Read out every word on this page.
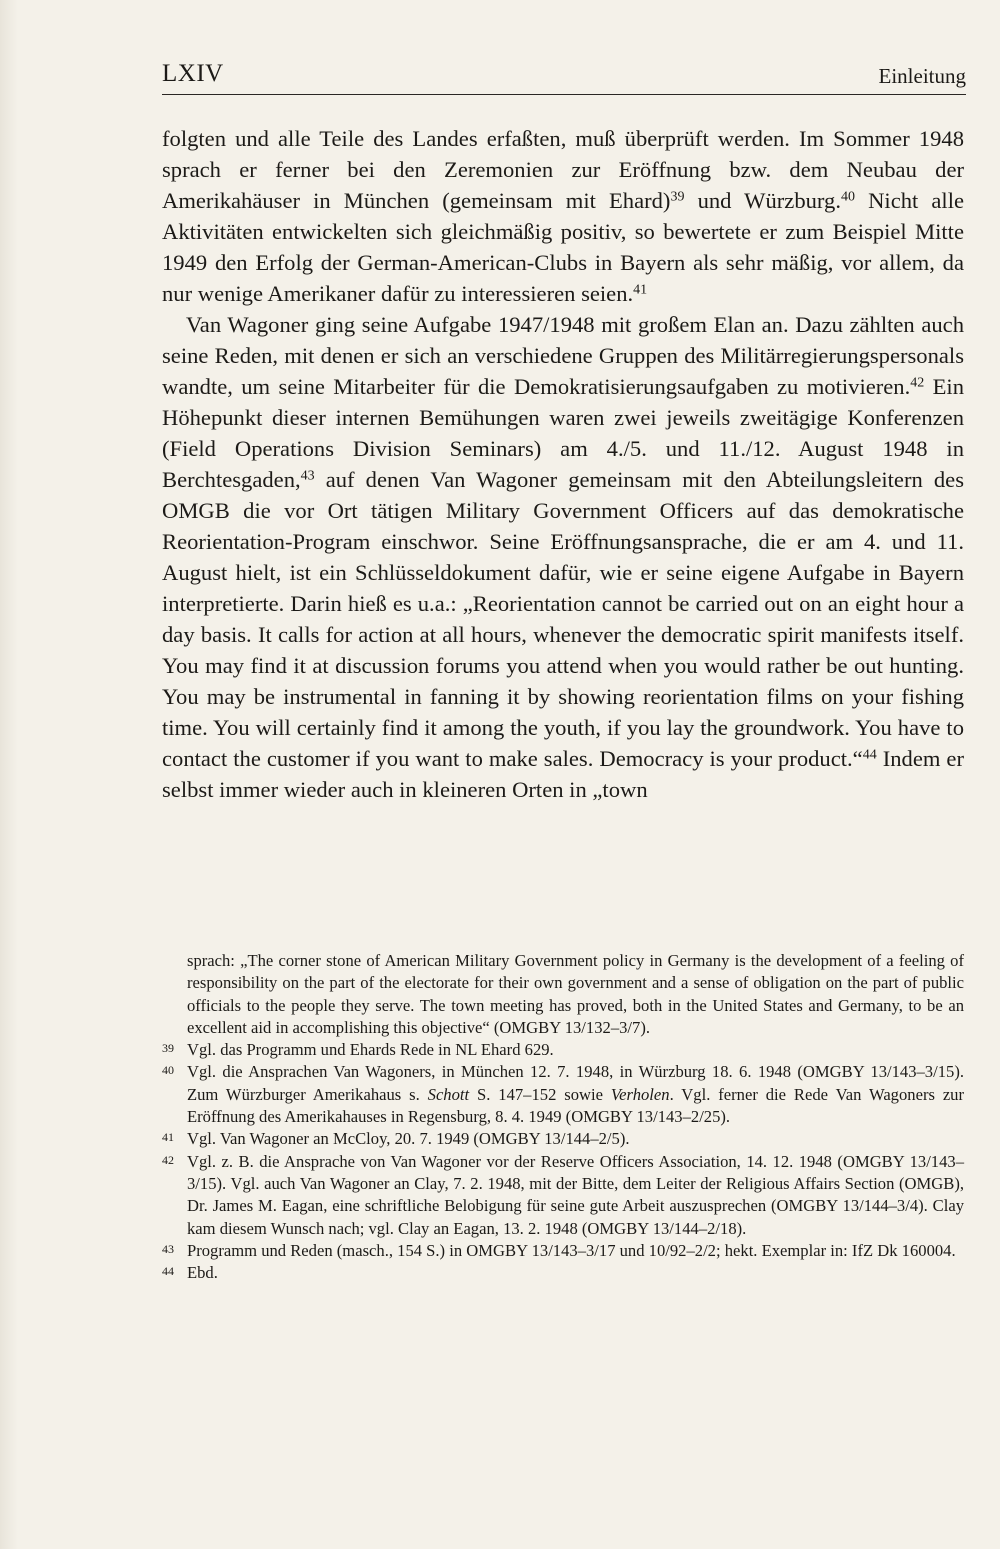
LXIV	Einleitung

folgten und alle Teile des Landes erfaßten, muß überprüft werden. Im Sommer 1948 sprach er ferner bei den Zeremonien zur Eröffnung bzw. dem Neubau der Amerikahäuser in München (gemeinsam mit Ehard)$^{39}$ und Würzburg.$^{40}$ Nicht alle Aktivitäten entwickelten sich gleichmäßig positiv, so bewertete er zum Beispiel Mitte 1949 den Erfolg der German-American-Clubs in Bayern als sehr mäßig, vor allem, da nur wenige Amerikaner dafür zu interessieren seien.$^{41}$

Van Wagoner ging seine Aufgabe 1947/1948 mit großem Elan an. Dazu zählten auch seine Reden, mit denen er sich an verschiedene Gruppen des Militärregierungspersonals wandte, um seine Mitarbeiter für die Demokratisierungsaufgaben zu motivieren.$^{42}$ Ein Höhepunkt dieser internen Bemühungen waren zwei jeweils zweitägige Konferenzen (Field Operations Division Seminars) am 4./5. und 11./12. August 1948 in Berchtesgaden,$^{43}$ auf denen Van Wagoner gemeinsam mit den Abteilungsleitern des OMGB die vor Ort tätigen Military Government Officers auf das demokratische Reorientation-Program einschwor. Seine Eröffnungsansprache, die er am 4. und 11. August hielt, ist ein Schlüsseldokument dafür, wie er seine eigene Aufgabe in Bayern interpretierte. Darin hieß es u.a.: „Reorientation cannot be carried out on an eight hour a day basis. It calls for action at all hours, whenever the democratic spirit manifests itself. You may find it at discussion forums you attend when you would rather be out hunting. You may be instrumental in fanning it by showing reorientation films on your fishing time. You will certainly find it among the youth, if you lay the groundwork. You have to contact the customer if you want to make sales. Democracy is your product.“$^{44}$ Indem er selbst immer wieder auch in kleineren Orten in „town

sprach: „The corner stone of American Military Government policy in Germany is the development of a feeling of responsibility on the part of the electorate for their own government and a sense of obligation on the part of public officials to the people they serve. The town meeting has proved, both in the United States and Germany, to be an excellent aid in accomplishing this objective“ (OMGBY 13/132–3/7).

39 Vgl. das Programm und Ehards Rede in NL Ehard 629.

40 Vgl. die Ansprachen Van Wagoners, in München 12. 7. 1948, in Würzburg 18. 6. 1948 (OMGBY 13/143–3/15). Zum Würzburger Amerikahaus s. Schott S. 147–152 sowie Verholen. Vgl. ferner die Rede Van Wagoners zur Eröffnung des Amerikahauses in Regensburg, 8. 4. 1949 (OMGBY 13/143–2/25).

41 Vgl. Van Wagoner an McCloy, 20. 7. 1949 (OMGBY 13/144–2/5).

42 Vgl. z. B. die Ansprache von Van Wagoner vor der Reserve Officers Association, 14. 12. 1948 (OMGBY 13/143–3/15). Vgl. auch Van Wagoner an Clay, 7. 2. 1948, mit der Bitte, dem Leiter der Religious Affairs Section (OMGB), Dr. James M. Eagan, eine schriftliche Belobigung für seine gute Arbeit auszusprechen (OMGBY 13/144–3/4). Clay kam diesem Wunsch nach; vgl. Clay an Eagan, 13. 2. 1948 (OMGBY 13/144–2/18).

43 Programm und Reden (masch., 154 S.) in OMGBY 13/143–3/17 und 10/92–2/2; hekt. Exemplar in: IfZ Dk 160004.

44 Ebd.
